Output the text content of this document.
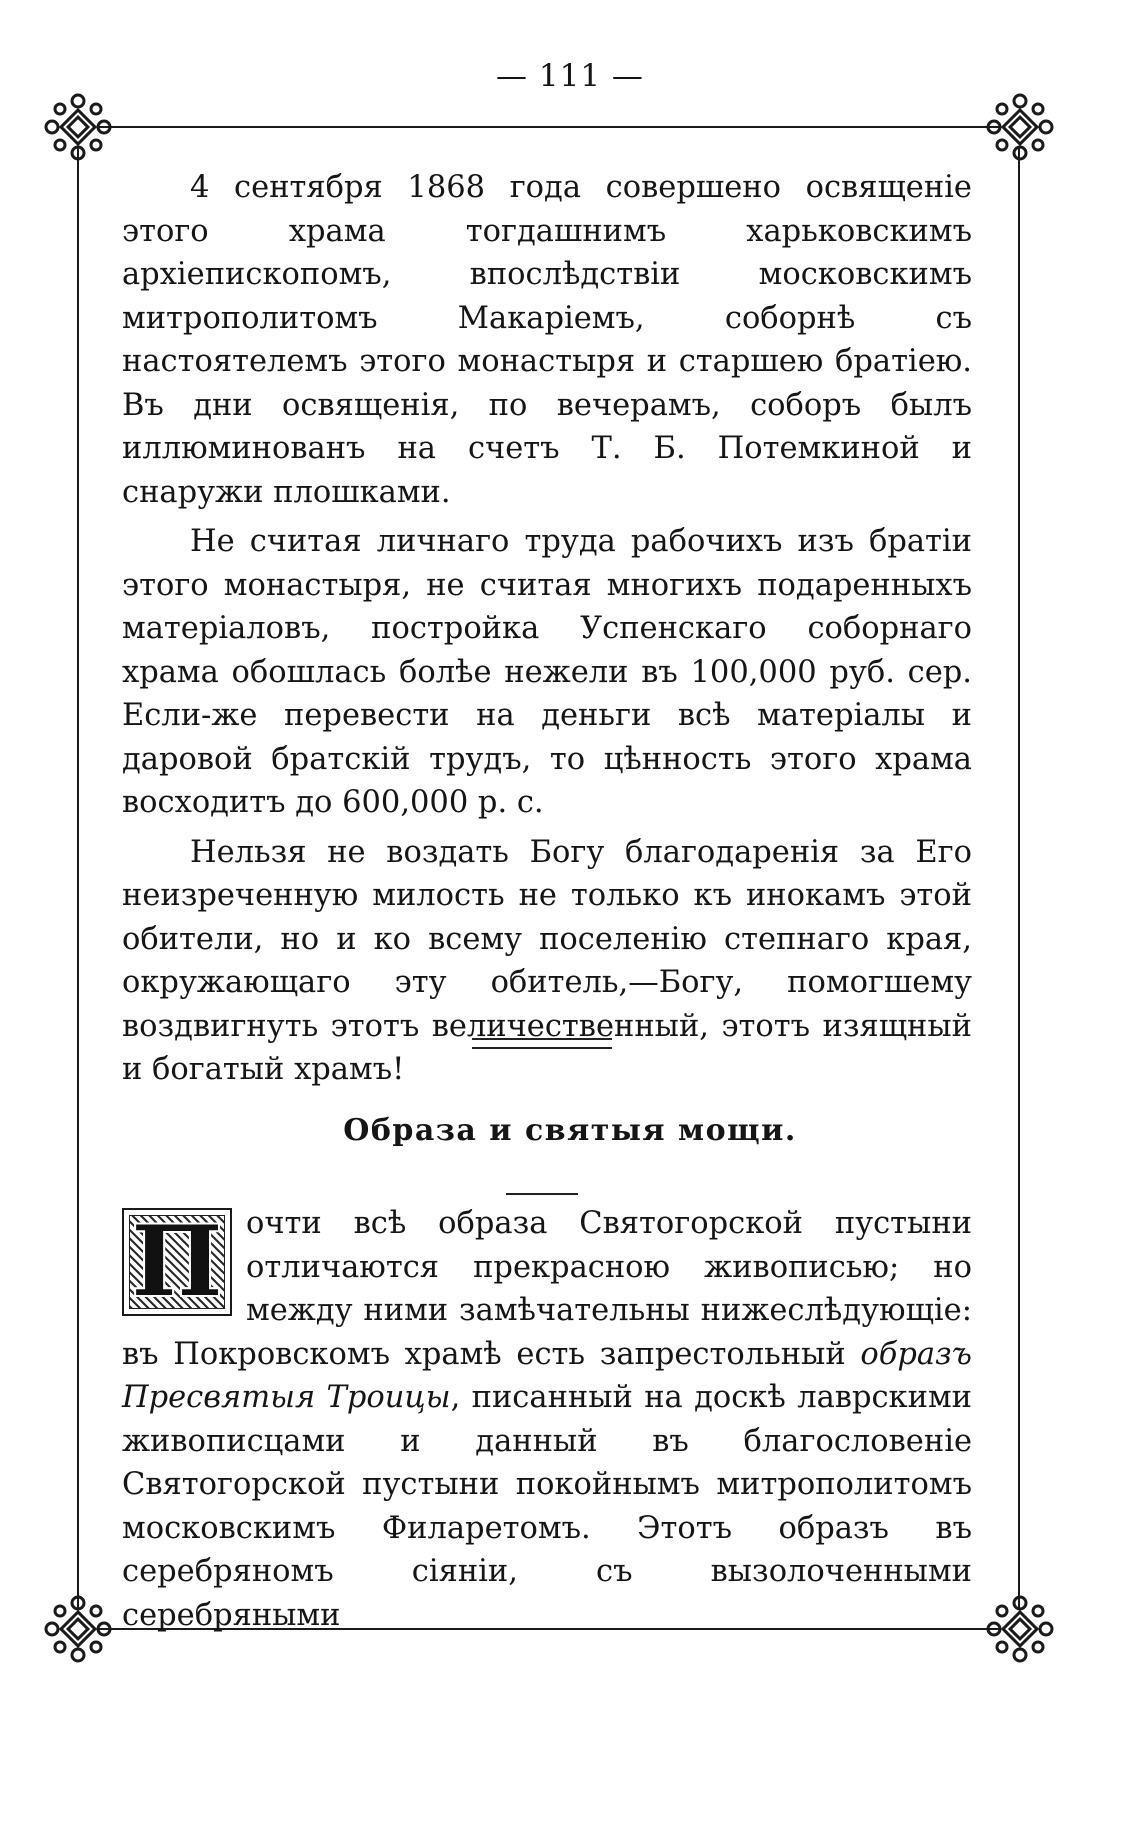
— 111 —

4 сентября 1868 года совершено освященіе этого храма тогдашнимъ харьковскимъ архіепископомъ, впослѣдствіи московскимъ митрополитомъ Макаріемъ, соборнѣ съ настоятелемъ этого монастыря и старшею братіею. Въ дни освященія, по вечерамъ, соборъ былъ иллюминованъ на счетъ Т. Б. Потемкиной и снаружи плошками.

Не считая личнаго труда рабочихъ изъ братіи этого монастыря, не считая многихъ подаренныхъ матеріаловъ, постройка Успенскаго соборнаго храма обошлась болѣе нежели въ 100,000 руб. сер. Если-же перевести на деньги всѣ матеріалы и даровой братскій трудъ, то цѣнность этого храма восходитъ до 600,000 р. с.

Нельзя не воздать Богу благодаренія за Его неизреченную милость не только къ инокамъ этой обители, но и ко всему поселенію степнаго края, окружающаго эту обитель,—Богу, помогшему воздвигнуть этотъ величественный, этотъ изящный и богатый храмъ!

Образа и святыя мощи.
П очти всѣ образа Святогорской пустыни отличаются прекрасною живописью; но между ними замѣчательны нижеслѣдующіе: въ Покровскомъ храмѣ есть запрестольный образъ Пресвятыя Троицы, писанный на доскѣ лаврскими живописцами и данный въ благословеніе Святогорской пустыни покойнымъ митрополитомъ московскимъ Филаретомъ. Этотъ образъ въ серебряномъ сіяніи, съ вызолоченными серебряными
